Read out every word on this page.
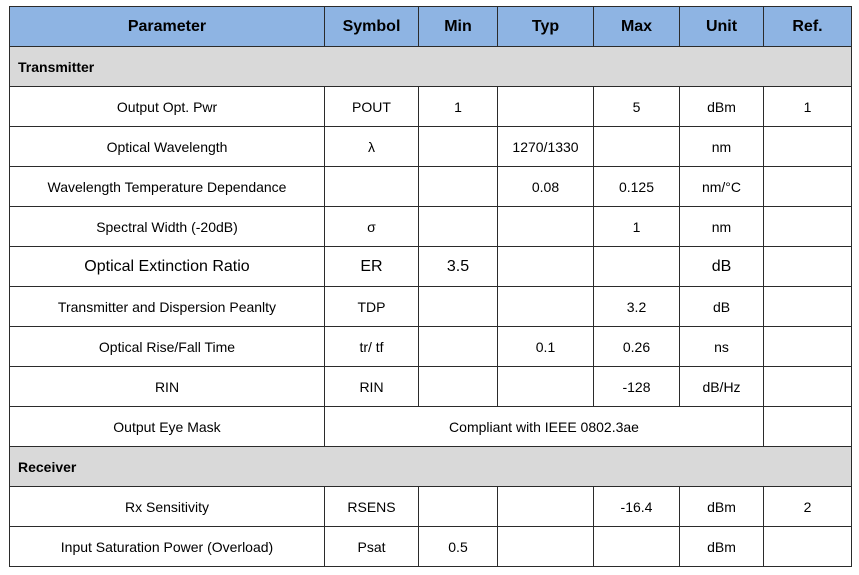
Parameter	Symbol	Min	Typ	Max	Unit	Ref.
Transmitter						
Output Opt. Pwr	POUT	1		5	dBm	1
Optical Wavelength	λ		1270/1330		nm	
Wavelength Temperature Dependance			0.08	0.125	nm/°C	
Spectral Width (-20dB)	σ			1	nm	
Optical Extinction Ratio	ER	3.5			dB	
Transmitter and Dispersion Peanlty	TDP			3.2	dB	
Optical Rise/Fall Time	tr/ tf		0.1	0.26	ns	
RIN	RIN			-128	dB/Hz	
Output Eye Mask	Compliant with IEEE 0802.3ae					
Receiver						
Rx Sensitivity	RSENS			-16.4	dBm	2
Input Saturation Power (Overload)	Psat	0.5			dBm	
